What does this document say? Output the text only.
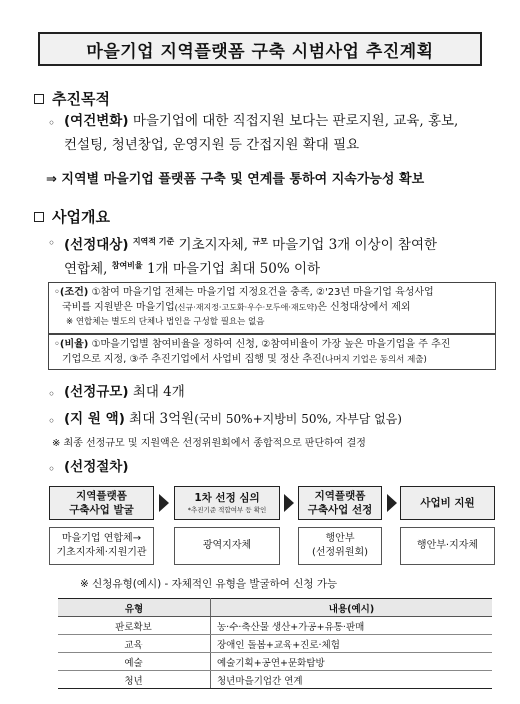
마을기업 지역플랫폼 구축 시범사업 추진계획
추진목적
◦ (여건변화) 마을기업에 대한 직접지원 보다는 판로지원, 교육, 홍보,
컨설팅, 청년창업, 운영지원 등 간접지원 확대 필요
⇒ 지역별 마을기업 플랫폼 구축 및 연계를 통하여 지속가능성 확보
사업개요
◦ (선정대상) $^{지역적 기준}$ 기초지자체, $^{규모}$ 마을기업 3개 이상이 참여한
연합체, $^{참여비율}$ 1개 마을기업 최대 50% 이하
◦(조건) ①참여 마을기업 전체는 마을기업 지정요건을 충족, ②'23년 마을기업 육성사업
국비를 지원받은 마을기업(신규·재지정·고도화·우수·모두애·재도약)은 신청대상에서 제외
※ 연합체는 별도의 단체나 법인을 구성할 필요는 없음
◦(비율) ①마을기업별 참여비율을 정하여 신청, ②참여비율이 가장 높은 마을기업을 주 추진
기업으로 지정, ③주 추진기업에서 사업비 집행 및 정산 추진(나머지 기업은 동의서 제출)
◦ (선정규모) 최대 4개
◦ (지 원 액) 최대 3억원(국비 50%+지방비 50%, 자부담 없음)
※ 최종 선정규모 및 지원액은 선정위원회에서 종합적으로 판단하여 결정
◦ (선정절차)
지역플랫폼
구축사업 발굴
1차 선정 심의
*추진기준 적합여부 등 확인
지역플랫폼
구축사업 선정
사업비 지원
마을기업 연합체→
기초지자체·지원기관
광역지자체
행안부
(선정위원회)
행안부·지자체
※ 신청유형(예시) - 자체적인 유형을 발굴하여 신청 가능
유형	내용(예시)
판로확보	농·수·축산물 생산+가공+유통·판매
교육	장애인 돌봄+교육+진로·체험
예술	예술기획+공연+문화탐방
청년	청년마을기업간 연계
